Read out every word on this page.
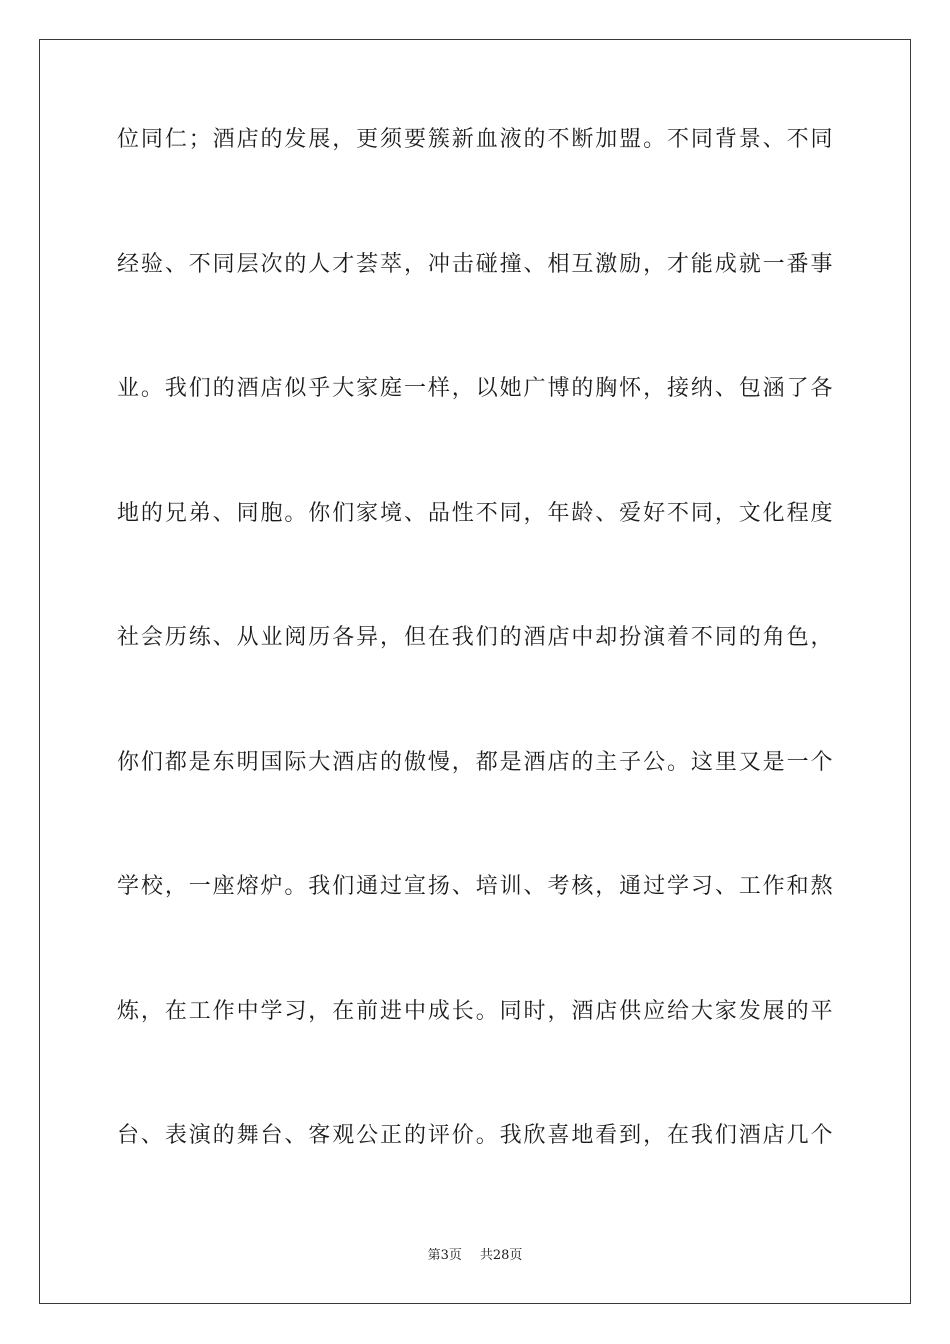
位同仁；酒店的发展，更须要簇新血液的不断加盟。不同背景、不同
经验、不同层次的人才荟萃，冲击碰撞、相互激励，才能成就一番事
业。我们的酒店似乎大家庭一样，以她广博的胸怀，接纳、包涵了各
地的兄弟、同胞。你们家境、品性不同，年龄、爱好不同，文化程度
社会历练、从业阅历各异，但在我们的酒店中却扮演着不同的角色，
你们都是东明国际大酒店的傲慢，都是酒店的主子公。这里又是一个
学校，一座熔炉。我们通过宣扬、培训、考核，通过学习、工作和熬
炼，在工作中学习，在前进中成长。同时，酒店供应给大家发展的平
台、表演的舞台、客观公正的评价。我欣喜地看到，在我们酒店几个
第3页 共28页
